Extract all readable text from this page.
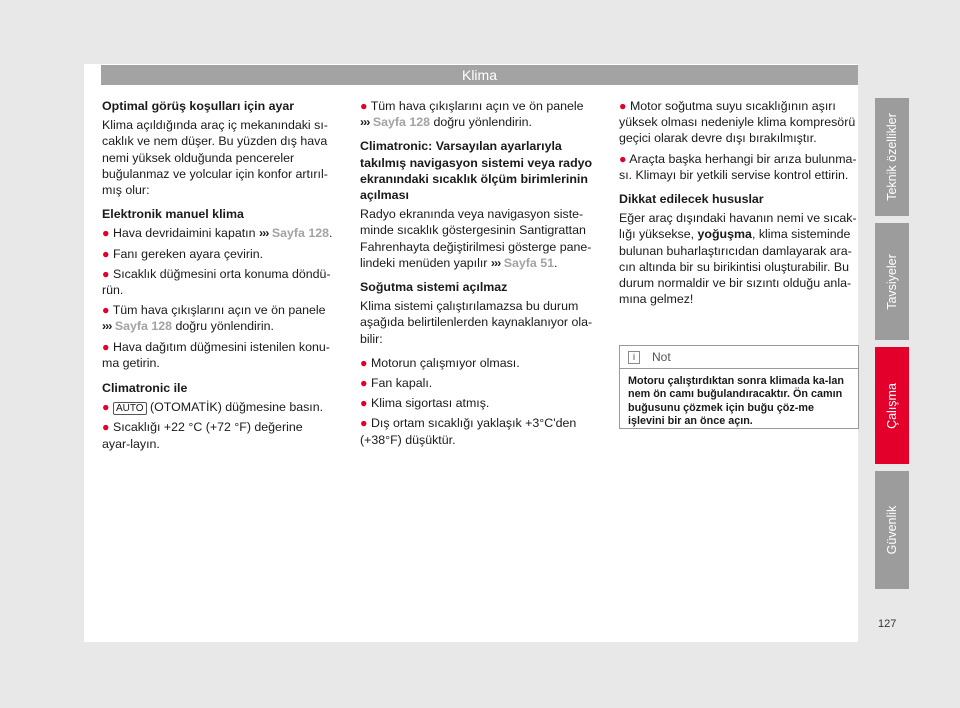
Klima
Optimal görüş koşulları için ayar

Klima açıldığında araç iç mekanındaki sı-caklık ve nem düşer. Bu yüzden dış hava nemi yüksek olduğunda pencereler buğulanmaz ve yolcular için konfor artırıl-mış olur:

Elektronik manuel klima
● Hava devridaimini kapatın ››› Sayfa 128.
● Fanı gereken ayara çevirin.
● Sıcaklık düğmesini orta konuma döndü-rün.
● Tüm hava çıkışlarını açın ve ön panele ››› Sayfa 128 doğru yönlendirin.
● Hava dağıtım düğmesini istenilen konu-ma getirin.
Climatronic ile
● AUTO (OTOMATİK) düğmesine basın.
● Sıcaklığı +22 °C (+72 °F) değerine ayar-layın.
● Tüm hava çıkışlarını açın ve ön panele ››› Sayfa 128 doğru yönlendirin.
Climatronic: Varsayılan ayarlarıyla takılmış navigasyon sistemi veya radyo ekranındaki sıcaklık ölçüm birimlerinin açılması

Radyo ekranında veya navigasyon siste-minde sıcaklık göstergesinin Santigrattan Fahrenhayta değiştirilmesi gösterge pane-lindeki menüden yapılır ››› Sayfa 51.

Soğutma sistemi açılmaz

Klima sistemi çalıştırılamazsa bu durum aşağıda belirtilenlerden kaynaklanıyor ola-bilir:

● Motorun çalışmıyor olması.
● Fan kapalı.
● Klima sigortası atmış.
● Dış ortam sıcaklığı yaklaşık +3°C'den (+38°F) düşüktür.
● Motor soğutma suyu sıcaklığının aşırı yüksek olması nedeniyle klima kompresörü geçici olarak devre dışı bırakılmıştır.
● Araçta başka herhangi bir arıza bulunma-sı. Klimayı bir yetkili servise kontrol ettirin.
Dikkat edilecek hususlar

Eğer araç dışındaki havanın nemi ve sıcak-lığı yüksekse, yoğuşma, klima sisteminde bulunan buharlaştırıcıdan damlayarak ara-cın altında bir su birikintisi oluşturabilir. Bu durum normaldir ve bir sızıntı olduğu anla-mına gelmez!

i	Not
Motoru çalıştırdıktan sonra klimada ka-lan nem ön camı buğulandıracaktır. Ön camın buğusunu çözmek için buğu çöz-me işlevini bir an önce açın.
Teknik özellikler
Tavsiyeler
Çalışma
Güvenlik
127
